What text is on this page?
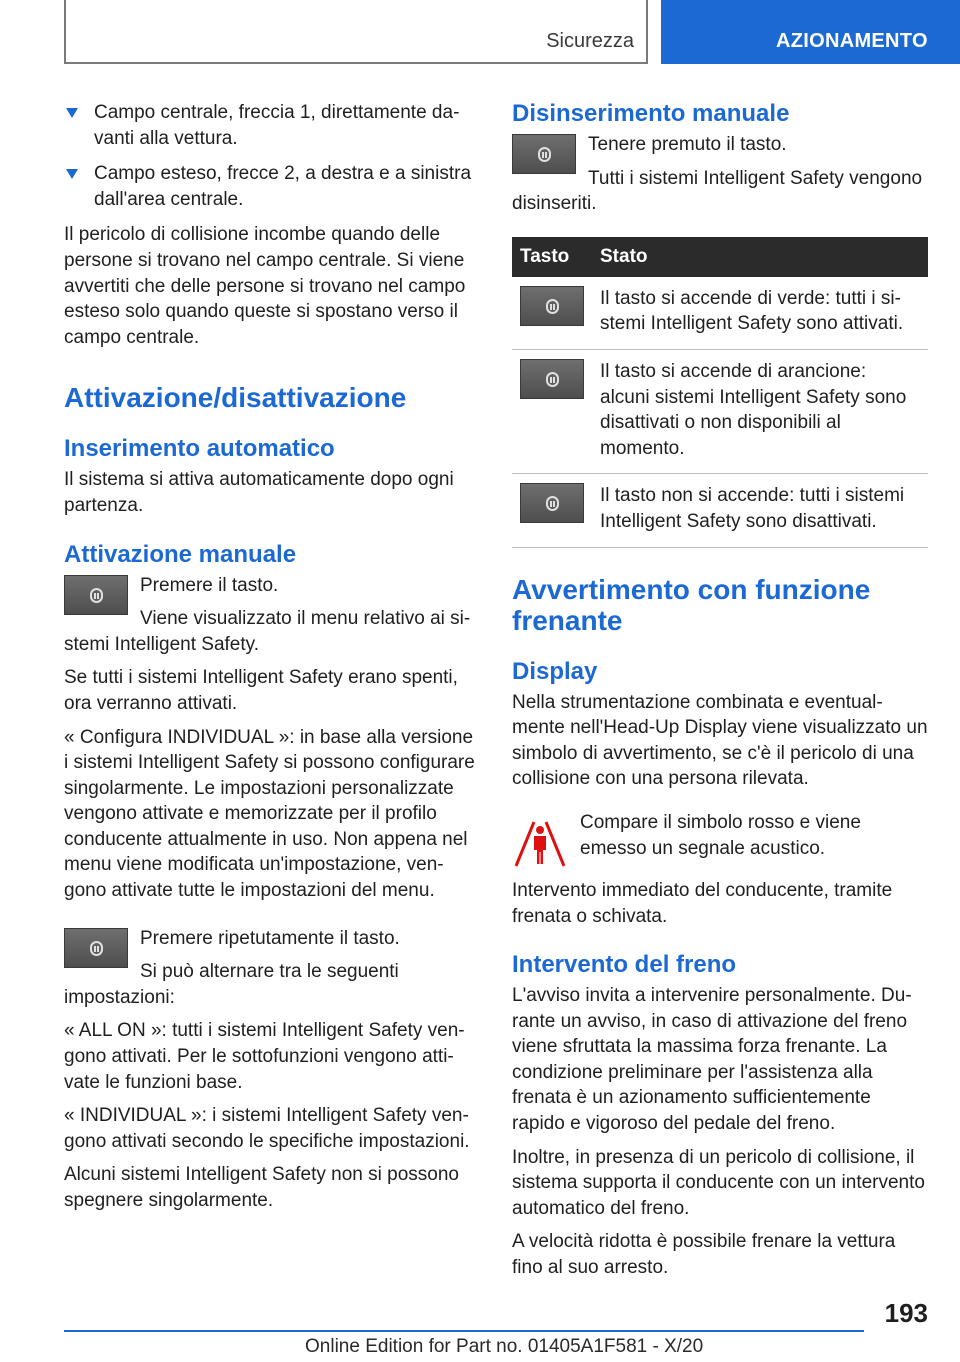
Sicurezza	AZIONAMENTO
Campo centrale, freccia 1, direttamente davanti alla vettura.
Campo esteso, frecce 2, a destra e a sinistra dall'area centrale.

Il pericolo di collisione incombe quando delle persone si trovano nel campo centrale. Si viene avvertiti che delle persone si trovano nel campo esteso solo quando queste si spostano verso il campo centrale.

Attivazione/disattivazione
Inserimento automatico

Il sistema si attiva automaticamente dopo ogni partenza.

Attivazione manuale

Premere il tasto.

Viene visualizzato il menu relativo ai sistemi Intelligent Safety.

Se tutti i sistemi Intelligent Safety erano spenti, ora verranno attivati.

« Configura INDIVIDUAL »: in base alla versione i sistemi Intelligent Safety si possono configurare singolarmente. Le impostazioni personalizzate vengono attivate e memorizzate per il profilo conducente attualmente in uso. Non appena nel menu viene modificata un'impostazione, vengono attivate tutte le impostazioni del menu.

Premere ripetutamente il tasto.

Si può alternare tra le seguenti impostazioni:

« ALL ON »: tutti i sistemi Intelligent Safety vengono attivati. Per le sottofunzioni vengono attivate le funzioni base.

« INDIVIDUAL »: i sistemi Intelligent Safety vengono attivati secondo le specifiche impostazioni.

Alcuni sistemi Intelligent Safety non si possono spegnere singolarmente.

Disinserimento manuale

Tenere premuto il tasto.

Tutti i sistemi Intelligent Safety vengono disinseriti.

Tasto	Stato

	Il tasto si accende di verde: tutti i sistemi Intelligent Safety sono attivati.

	Il tasto si accende di arancione: alcuni sistemi Intelligent Safety sono disattivati o non disponibili al momento.

	Il tasto non si accende: tutti i sistemi Intelligent Safety sono disattivati.
Avvertimento con funzione frenante
Display

Nella strumentazione combinata e eventualmente nell'Head-Up Display viene visualizzato un simbolo di avvertimento, se c'è il pericolo di una collisione con una persona rilevata.

Compare il simbolo rosso e viene emesso un segnale acustico.

Intervento immediato del conducente, tramite frenata o schivata.

Intervento del freno

L'avviso invita a intervenire personalmente. Durante un avviso, in caso di attivazione del freno viene sfruttata la massima forza frenante. La condizione preliminare per l'assistenza alla frenata è un azionamento sufficientemente rapido e vigoroso del pedale del freno.

Inoltre, in presenza di un pericolo di collisione, il sistema supporta il conducente con un intervento automatico del freno.

A velocità ridotta è possibile frenare la vettura fino al suo arresto.

193
Online Edition for Part no. 01405A1F581 - X/20
